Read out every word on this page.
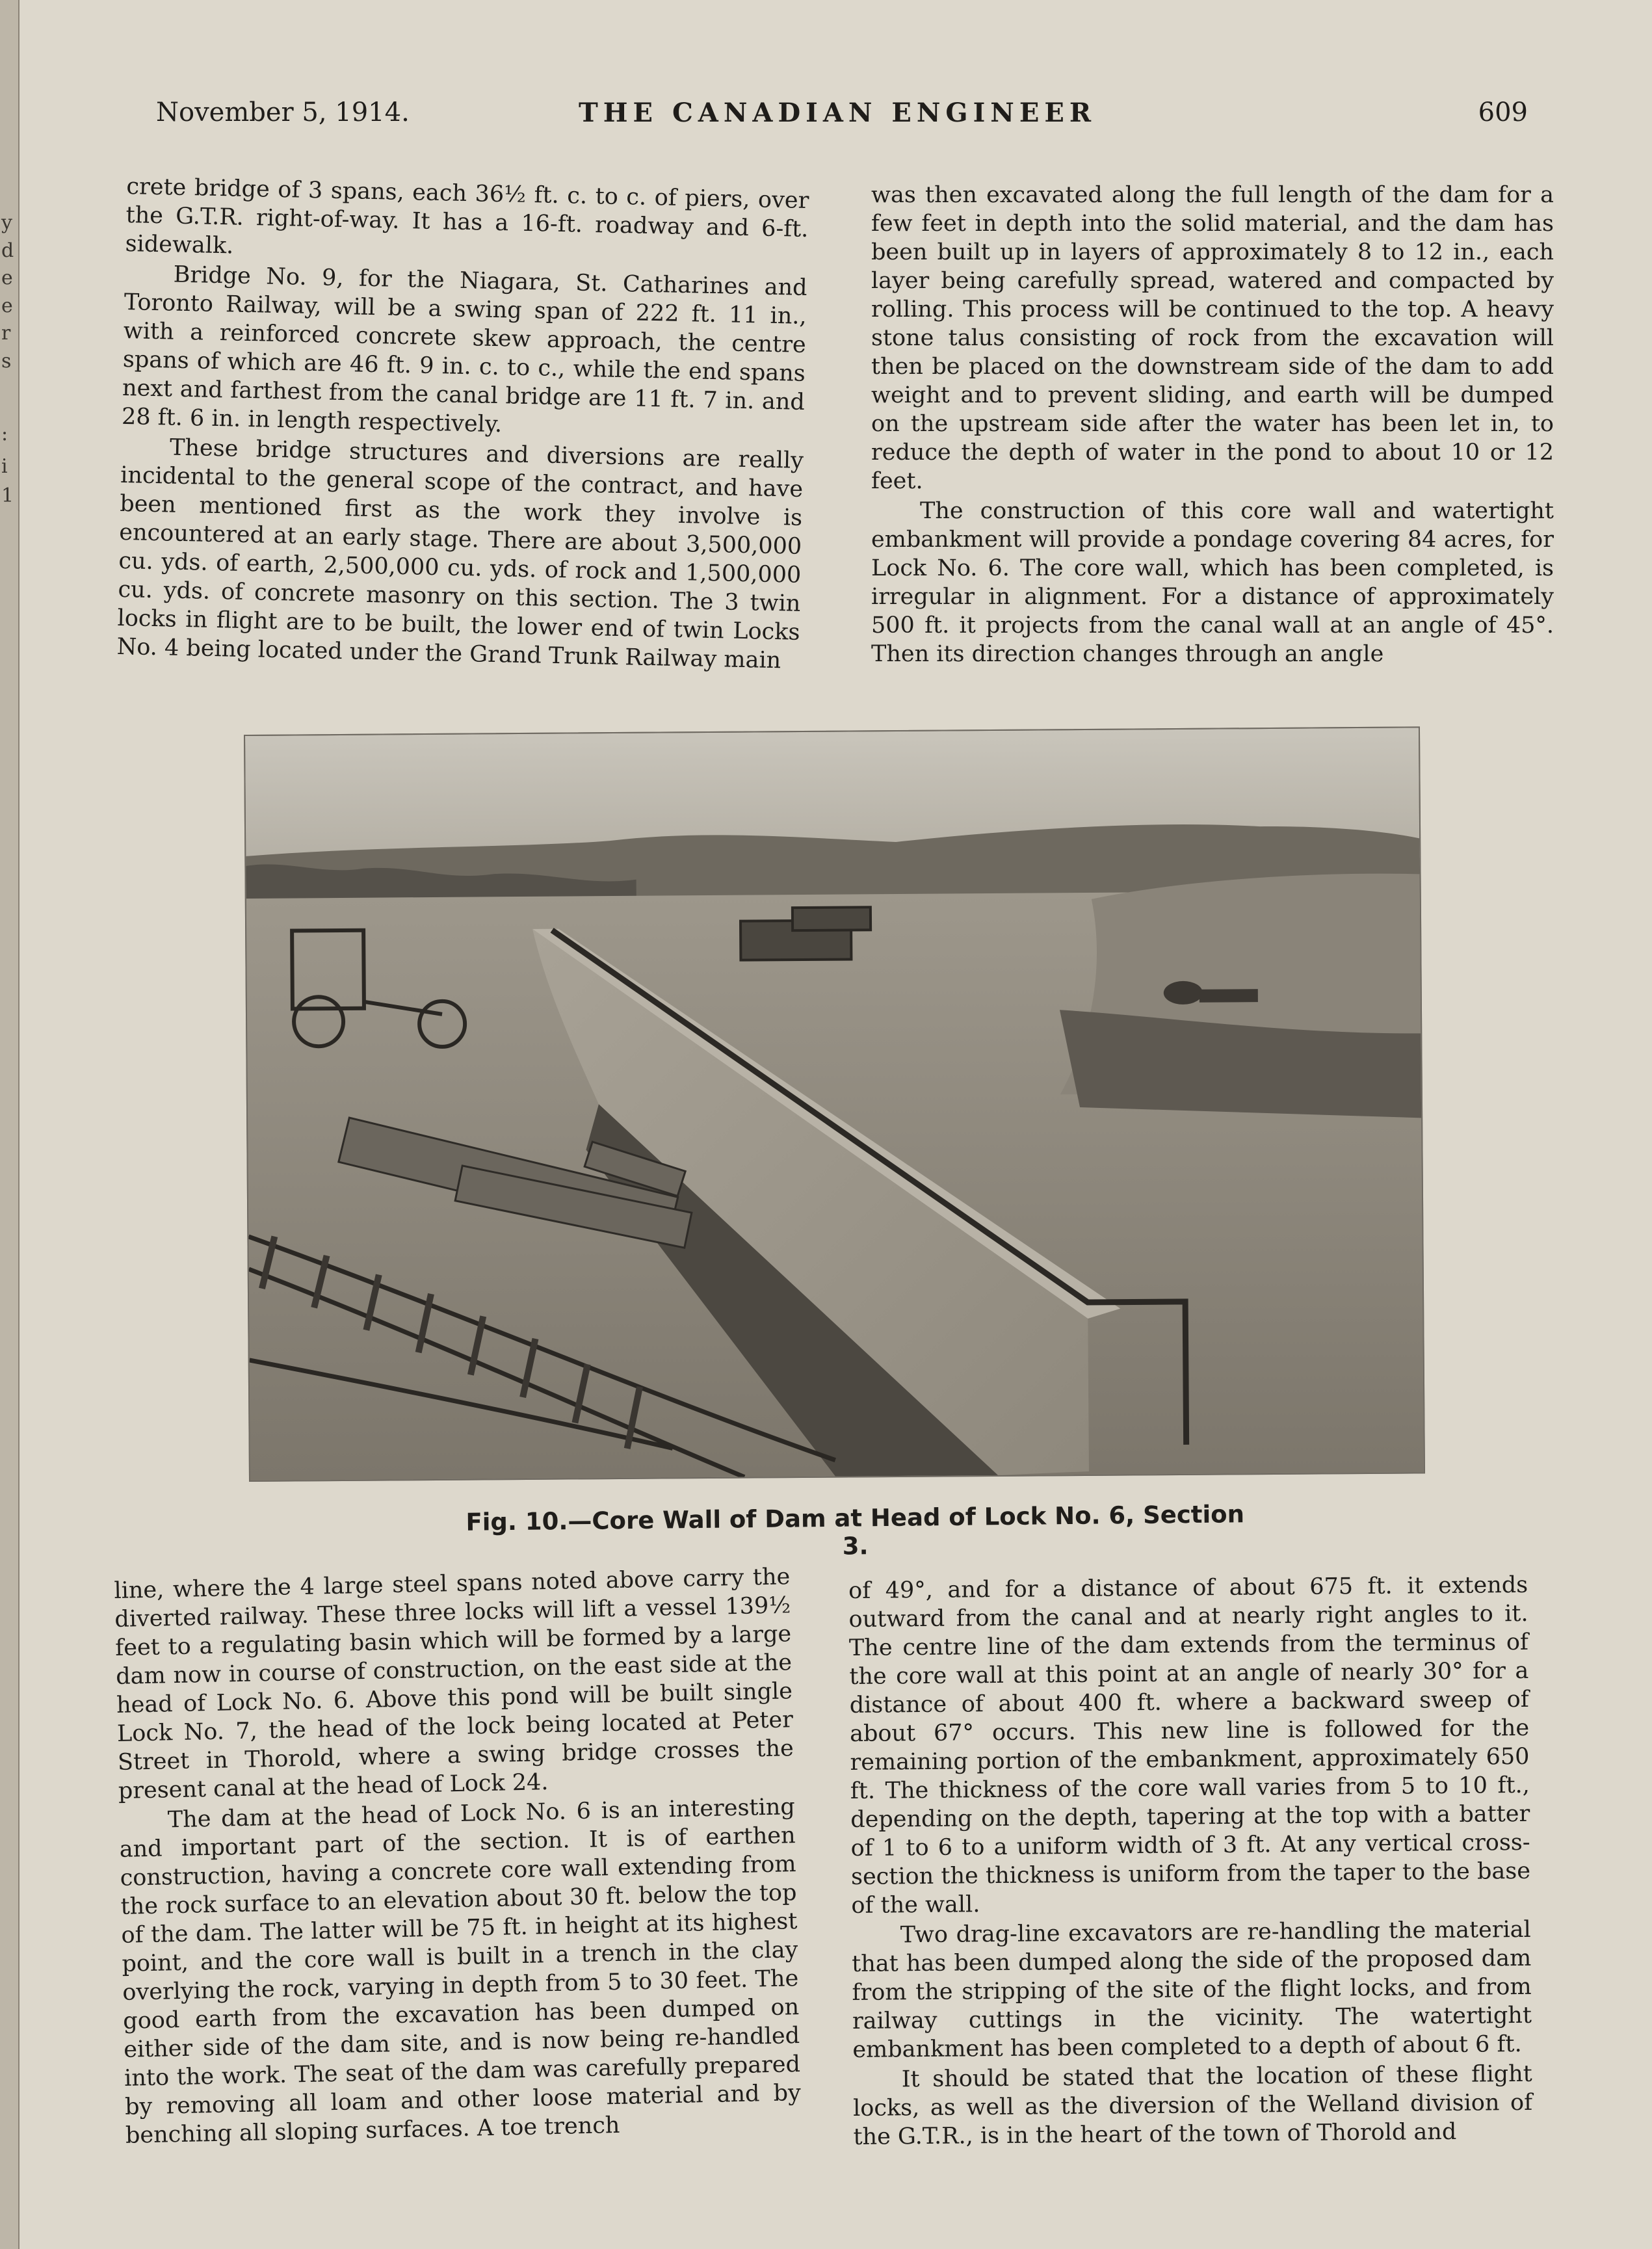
y
d
e
e
r
s
:
i
1
November 5, 1914.	THE CANADIAN ENGINEER	609

crete bridge of 3 spans, each 36½ ft. c. to c. of piers, over the G.T.R. right-of-way. It has a 16-ft. roadway and 6-ft. sidewalk.

Bridge No. 9, for the Niagara, St. Catharines and Toronto Railway, will be a swing span of 222 ft. 11 in., with a reinforced concrete skew approach, the centre spans of which are 46 ft. 9 in. c. to c., while the end spans next and farthest from the canal bridge are 11 ft. 7 in. and 28 ft. 6 in. in length respectively.

These bridge structures and diversions are really incidental to the general scope of the contract, and have been mentioned first as the work they involve is encountered at an early stage. There are about 3,500,000 cu. yds. of earth, 2,500,000 cu. yds. of rock and 1,500,000 cu. yds. of concrete masonry on this section. The 3 twin locks in flight are to be built, the lower end of twin Locks No. 4 being located under the Grand Trunk Railway main

was then excavated along the full length of the dam for a few feet in depth into the solid material, and the dam has been built up in layers of approximately 8 to 12 in., each layer being carefully spread, watered and compacted by rolling. This process will be continued to the top. A heavy stone talus consisting of rock from the excavation will then be placed on the downstream side of the dam to add weight and to prevent sliding, and earth will be dumped on the upstream side after the water has been let in, to reduce the depth of water in the pond to about 10 or 12 feet.

The construction of this core wall and watertight embankment will provide a pondage covering 84 acres, for Lock No. 6. The core wall, which has been completed, is irregular in alignment. For a distance of approximately 500 ft. it projects from the canal wall at an angle of 45°. Then its direction changes through an angle

Fig. 10.—Core Wall of Dam at Head of Lock No. 6, Section 3.

line, where the 4 large steel spans noted above carry the diverted railway. These three locks will lift a vessel 139½ feet to a regulating basin which will be formed by a large dam now in course of construction, on the east side at the head of Lock No. 6. Above this pond will be built single Lock No. 7, the head of the lock being located at Peter Street in Thorold, where a swing bridge crosses the present canal at the head of Lock 24.

The dam at the head of Lock No. 6 is an interesting and important part of the section. It is of earthen construction, having a concrete core wall extending from the rock surface to an elevation about 30 ft. below the top of the dam. The latter will be 75 ft. in height at its highest point, and the core wall is built in a trench in the clay overlying the rock, varying in depth from 5 to 30 feet. The good earth from the excavation has been dumped on either side of the dam site, and is now being re-handled into the work. The seat of the dam was carefully prepared by removing all loam and other loose material and by benching all sloping surfaces. A toe trench

of 49°, and for a distance of about 675 ft. it extends outward from the canal and at nearly right angles to it. The centre line of the dam extends from the terminus of the core wall at this point at an angle of nearly 30° for a distance of about 400 ft. where a backward sweep of about 67° occurs. This new line is followed for the remaining portion of the embankment, approximately 650 ft. The thickness of the core wall varies from 5 to 10 ft., depending on the depth, tapering at the top with a batter of 1 to 6 to a uniform width of 3 ft. At any vertical cross-section the thickness is uniform from the taper to the base of the wall.

Two drag-line excavators are re-handling the material that has been dumped along the side of the proposed dam from the stripping of the site of the flight locks, and from railway cuttings in the vicinity. The watertight embankment has been completed to a depth of about 6 ft.

It should be stated that the location of these flight locks, as well as the diversion of the Welland division of the G.T.R., is in the heart of the town of Thorold and
